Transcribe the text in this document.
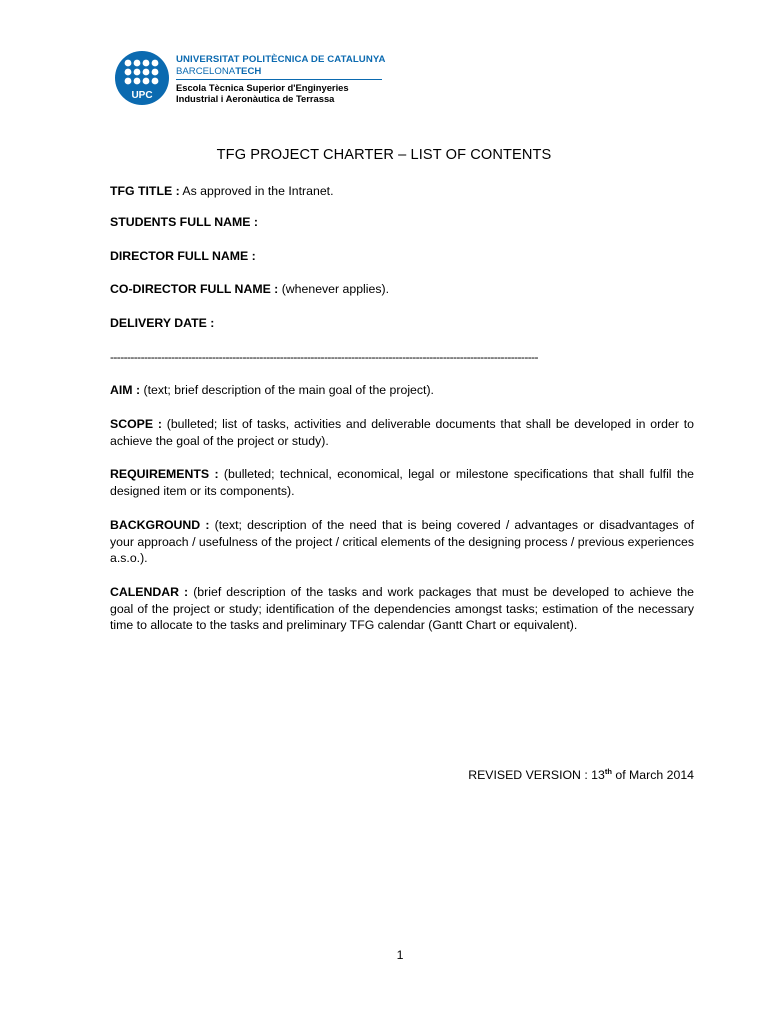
UPC
UNIVERSITAT POLITÈCNICA DE CATALUNYA
BARCELONATECH
Escola Tècnica Superior d'Enginyeries
Industrial i Aeronàutica de Terrassa
TFG PROJECT CHARTER – LIST OF CONTENTS
TFG TITLE : As approved in the Intranet.
STUDENTS FULL NAME :
DIRECTOR FULL NAME :
CO-DIRECTOR FULL NAME : (whenever applies).
DELIVERY DATE :
------------------------------------------------------------------------------------------------------------------------------
AIM : (text; brief description of the main goal of the project).
SCOPE : (bulleted; list of tasks, activities and deliverable documents that shall be developed in order to achieve the goal of the project or study).
REQUIREMENTS : (bulleted; technical, economical, legal or milestone specifications that shall fulfil the designed item or its components).
BACKGROUND : (text; description of the need that is being covered / advantages or disadvantages of your approach / usefulness of the project / critical elements of the designing process / previous experiences a.s.o.).
CALENDAR : (brief description of the tasks and work packages that must be developed to achieve the goal of the project or study; identification of the dependencies amongst tasks; estimation of the necessary time to allocate to the tasks and preliminary TFG calendar (Gantt Chart or equivalent).
REVISED VERSION : 13th of March 2014
1
